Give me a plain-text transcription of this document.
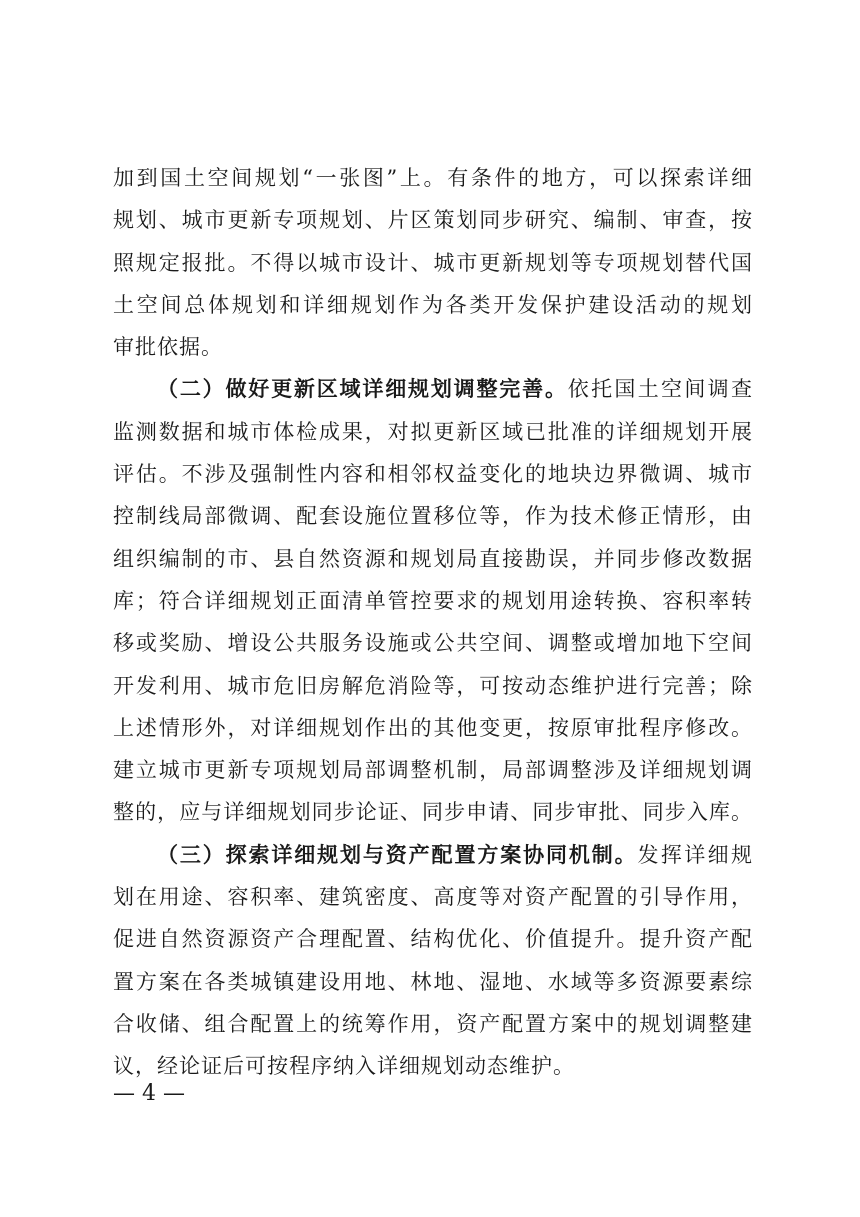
加到国土空间规划“一张图”上。有条件的地方，可以探索详细
规划、城市更新专项规划、片区策划同步研究、编制、审查，按
照规定报批。不得以城市设计、城市更新规划等专项规划替代国
土空间总体规划和详细规划作为各类开发保护建设活动的规划
审批依据。
（二）做好更新区域详细规划调整完善。依托国土空间调查
监测数据和城市体检成果，对拟更新区域已批准的详细规划开展
评估。不涉及强制性内容和相邻权益变化的地块边界微调、城市
控制线局部微调、配套设施位置移位等，作为技术修正情形，由
组织编制的市、县自然资源和规划局直接勘误，并同步修改数据
库；符合详细规划正面清单管控要求的规划用途转换、容积率转
移或奖励、增设公共服务设施或公共空间、调整或增加地下空间
开发利用、城市危旧房解危消险等，可按动态维护进行完善；除
上述情形外，对详细规划作出的其他变更，按原审批程序修改。
建立城市更新专项规划局部调整机制，局部调整涉及详细规划调
整的，应与详细规划同步论证、同步申请、同步审批、同步入库。
（三）探索详细规划与资产配置方案协同机制。发挥详细规
划在用途、容积率、建筑密度、高度等对资产配置的引导作用，
促进自然资源资产合理配置、结构优化、价值提升。提升资产配
置方案在各类城镇建设用地、林地、湿地、水域等多资源要素综
合收储、组合配置上的统筹作用，资产配置方案中的规划调整建
议，经论证后可按程序纳入详细规划动态维护。
— 4 —
